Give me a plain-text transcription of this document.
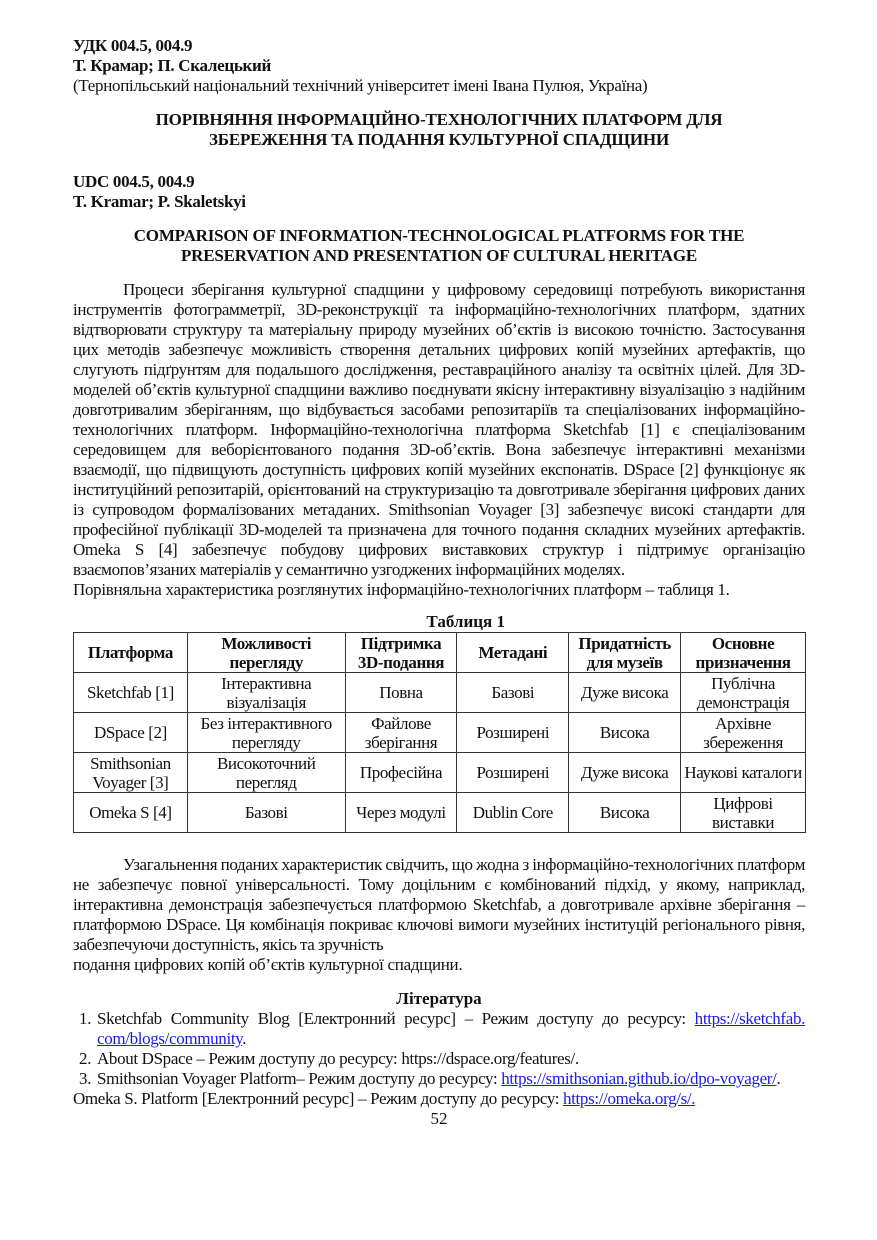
УДК 004.5, 004.9
Т. Крамар; П. Скалецький
(Тернопільський національний технічний університет імені Івана Пулюя, Україна)
ПОРІВНЯННЯ ІНФОРМАЦІЙНО-ТЕХНОЛОГІЧНИХ ПЛАТФОРМ ДЛЯ
ЗБЕРЕЖЕННЯ ТА ПОДАННЯ КУЛЬТУРНОЇ СПАДЩИНИ
UDC 004.5, 004.9
T. Kramar; P. Skaletskyi
COMPARISON OF INFORMATION-TECHNOLOGICAL PLATFORMS FOR THE
PRESERVATION AND PRESENTATION OF CULTURAL HERITAGE
Процеси зберігання культурної спадщини у цифровому середовищі потребують використання інструментів фотограмметрії, 3D-реконструкції та інформаційно-технологічних платформ, здатних відтворювати структуру та матеріальну природу музейних об’єктів із високою точністю. Застосування цих методів забезпечує можливість створення детальних цифрових копій музейних артефактів, що слугують підґрунтям для подальшого дослідження, реставраційного аналізу та освітніх цілей. Для 3D-моделей об’єктів культурної спадщини важливо поєднувати якісну інтерактивну візуалізацію з надійним довготривалим зберіганням, що відбувається засобами репозитаріїв та спеціалізованих інформаційно-технологічних платформ. Інформаційно-технологічна платформа Sketchfab [1] є спеціалізованим середовищем для веборієнтованого подання 3D-об’єктів. Вона забезпечує інтерактивні механізми взаємодії, що підвищують доступність цифрових копій музейних експонатів. DSpace [2] функціонує як інституційний репозитарій, орієнтований на структуризацію та довготривале зберігання цифрових даних із супроводом формалізованих метаданих. Smithsonian Voyager [3] забезпечує високі стандарти для професійної публікації 3D-моделей та призначена для точного подання складних музейних артефактів. Omeka S [4] забезпечує побудову цифрових виставкових структур і підтримує організацію взаємопов’язаних матеріалів у семантично узгоджених інформаційних моделях.
Порівняльна характеристика розглянутих інформаційно-технологічних платформ – таблиця 1.
Таблиця 1
Платформа	Можливості перегляду	Підтримка 3D-подання	Метадані	Придатність для музеїв	Основне призначення
Sketchfab [1]	Інтерактивна візуалізація	Повна	Базові	Дуже висока	Публічна демонстрація
DSpace [2]	Без інтерактивного перегляду	Файлове зберігання	Розширені	Висока	Архівне збереження
Smithsonian Voyager [3]	Високоточний перегляд	Професійна	Розширені	Дуже висока	Наукові каталоги
Omeka S [4]	Базові	Через модулі	Dublin Core	Висока	Цифрові виставки
Узагальнення поданих характеристик свідчить, що жодна з інформаційно-технологічних платформ не забезпечує повної універсальності. Тому доцільним є комбінований підхід, у якому, наприклад, інтерактивна демонстрація забезпечується платформою Sketchfab, а довготривале архівне зберігання – платформою DSpace. Ця комбінація покриває ключові вимоги музейних інституцій регіонального рівня, забезпечуючи доступність, якісь та зручність
подання цифрових копій об’єктів культурної спадщини.
Література
1. Sketchfab Community Blog [Електронний ресурс] – Режим доступу до ресурсу: https://sketchfab. com/blogs/community.
2. About DSpace – Режим доступу до ресурсу: https://dspace.org/features/.
3. Smithsonian Voyager Platform– Режим доступу до ресурсу: https://smithsonian.github.io/dpo-voyager/.
Omeka S. Platform [Електронний ресурс] – Режим доступу до ресурсу: https://omeka.org/s/.
52
